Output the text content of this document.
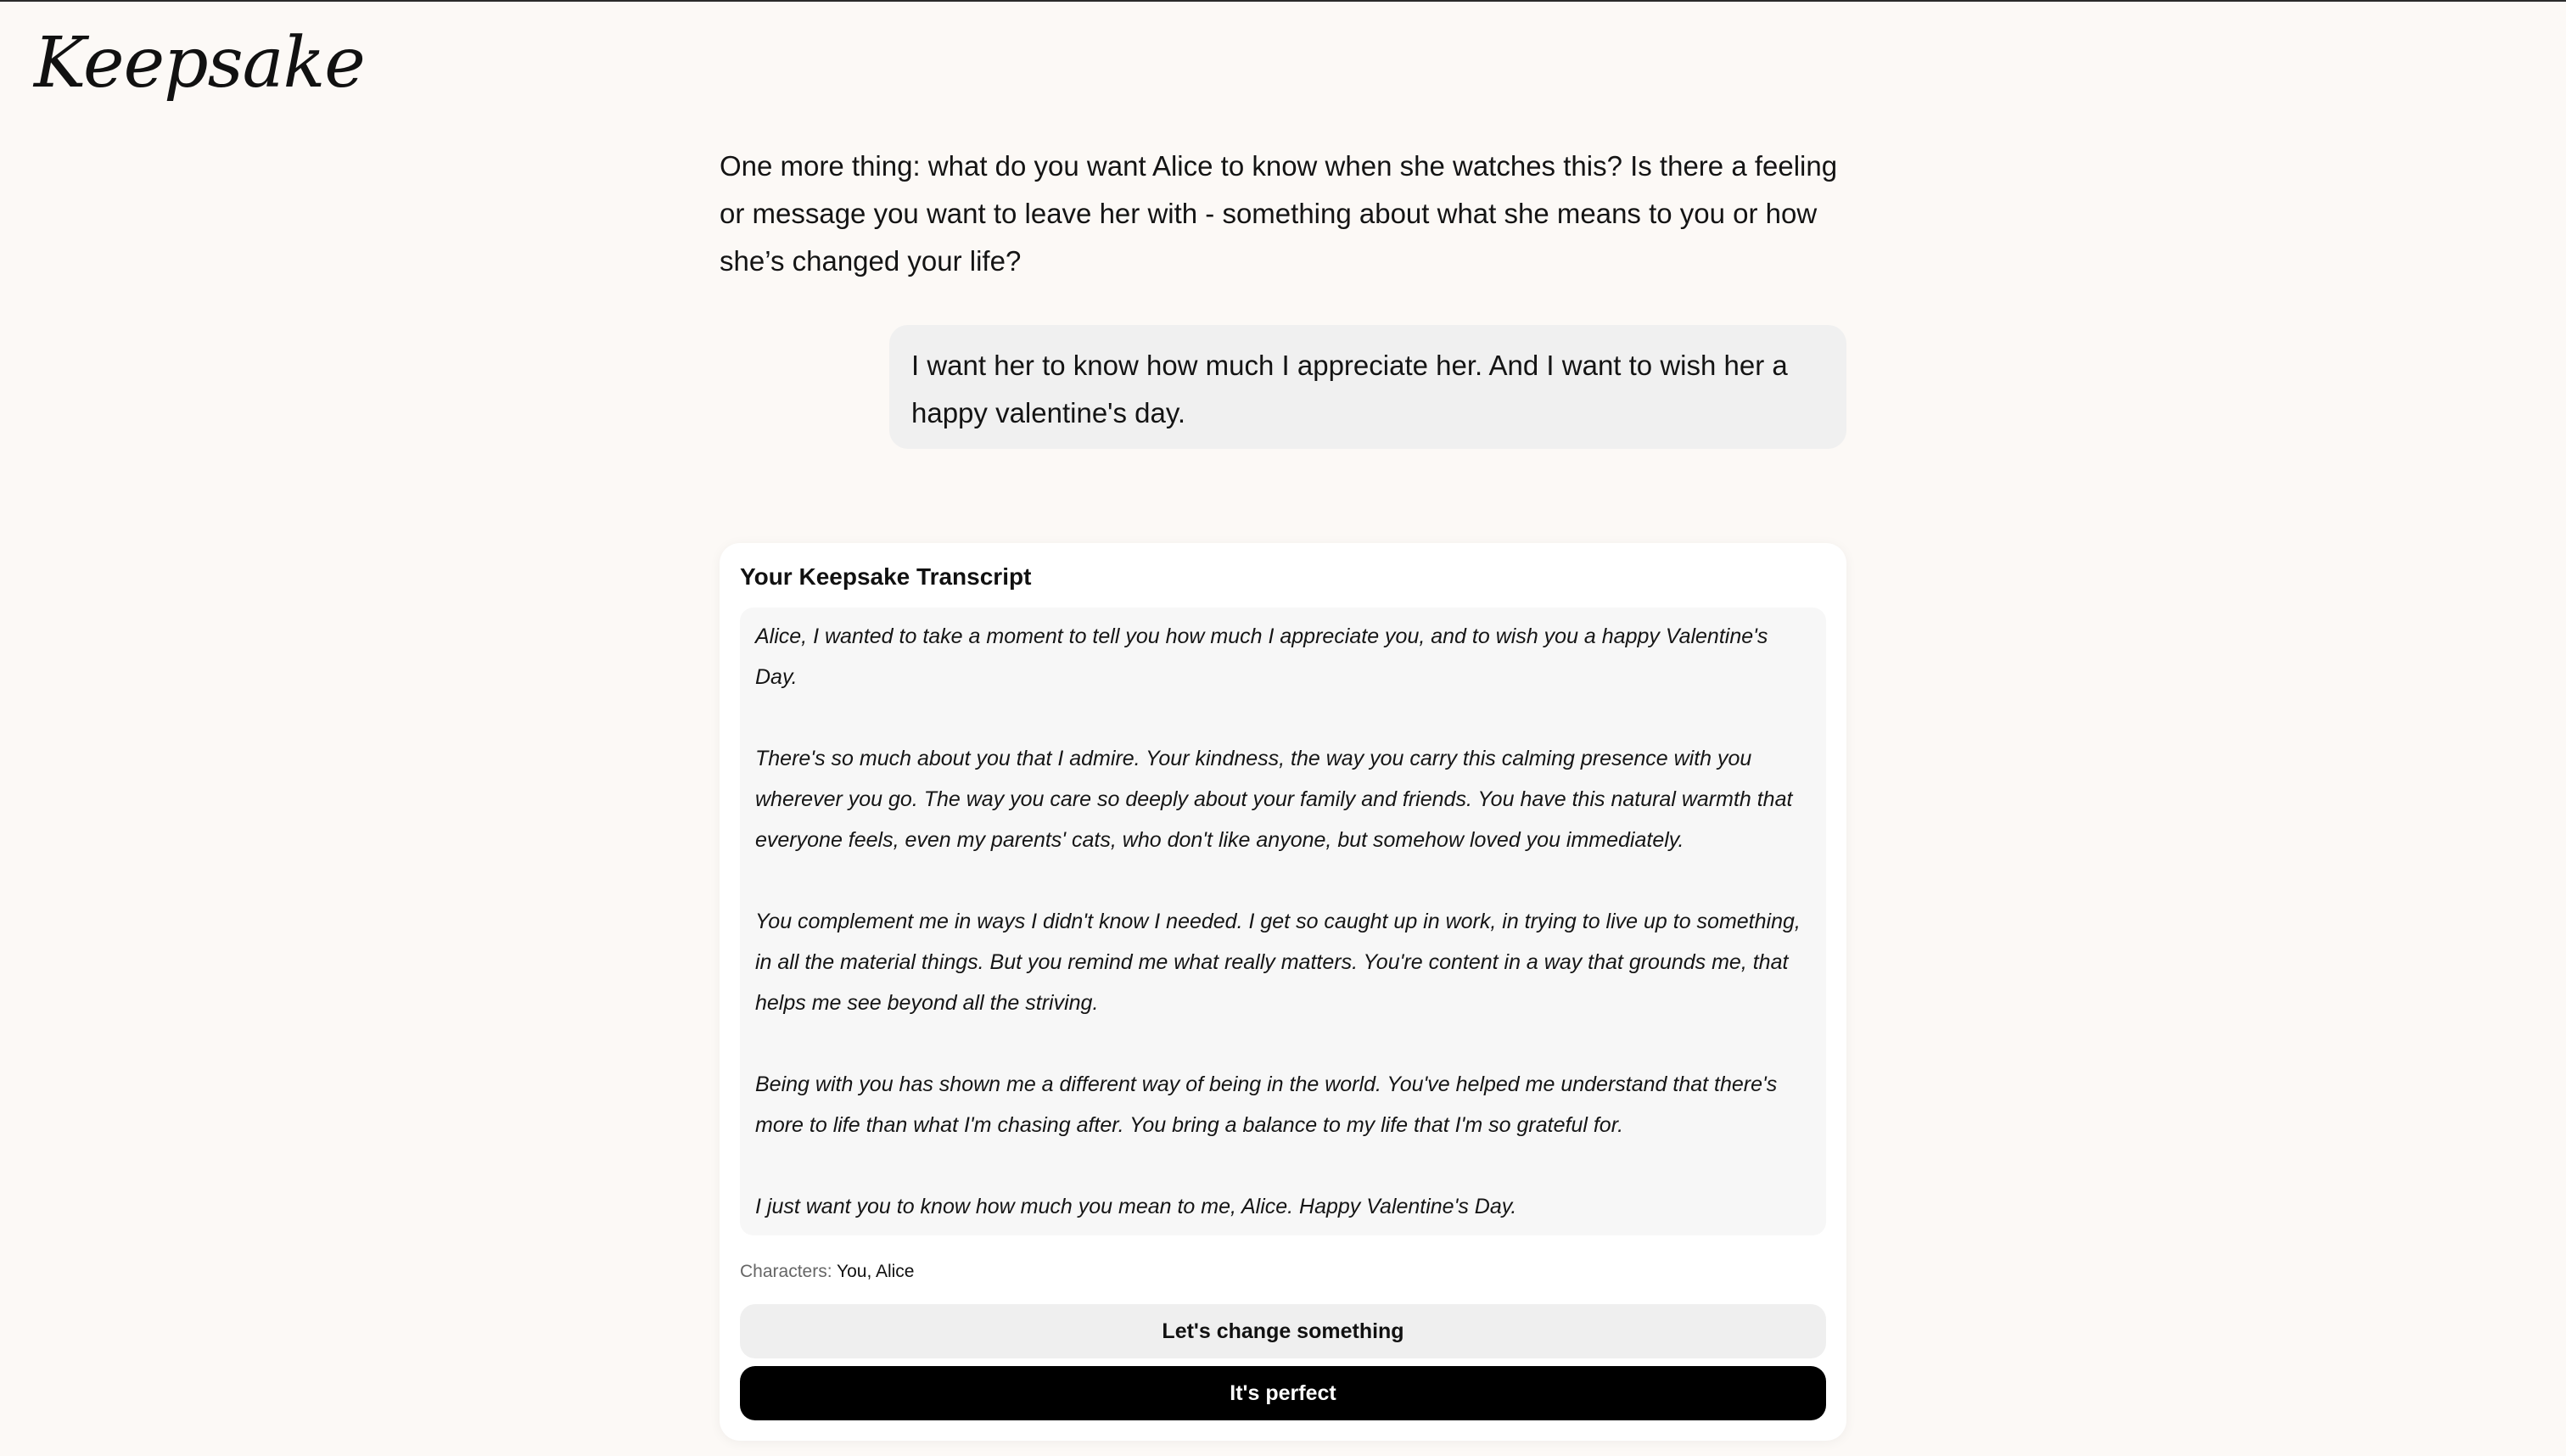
Keepsake
One more thing: what do you want Alice to know when she watches this? Is there a feeling or message you want to leave her with - something about what she means to you or how she’s changed your life?
I want her to know how much I appreciate her. And I want to wish her a happy valentine's day.
Your Keepsake Transcript

Alice, I wanted to take a moment to tell you how much I appreciate you, and to wish you a happy Valentine's Day.

There's so much about you that I admire. Your kindness, the way you carry this calming presence with you wherever you go. The way you care so deeply about your family and friends. You have this natural warmth that everyone feels, even my parents' cats, who don't like anyone, but somehow loved you immediately.

You complement me in ways I didn't know I needed. I get so caught up in work, in trying to live up to something, in all the material things. But you remind me what really matters. You're content in a way that grounds me, that helps me see beyond all the striving.

Being with you has shown me a different way of being in the world. You've helped me understand that there's more to life than what I'm chasing after. You bring a balance to my life that I'm so grateful for.

I just want you to know how much you mean to me, Alice. Happy Valentine's Day.

Characters: You, Alice
Let's change something
It's perfect
